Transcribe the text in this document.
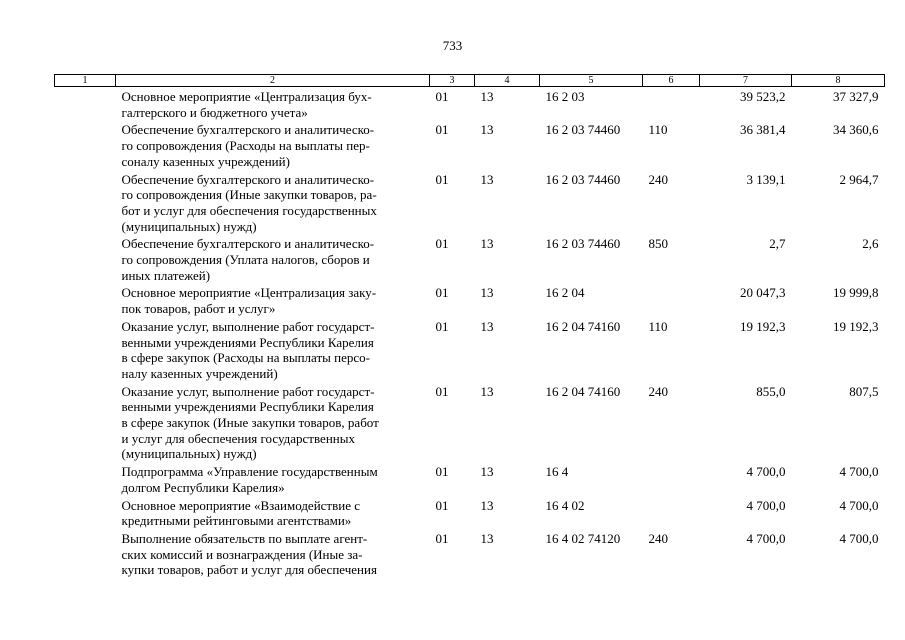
733
1	2	3	4	5	6	7	8

	Основное мероприятие «Централизация бух-
галтерского и бюджетного учета»	01	13	16 2 03		39 523,2	37 327,9

	Обеспечение бухгалтерского и аналитическо-
го сопровождения (Расходы на выплаты пер-
соналу казенных учреждений)	01	13	16 2 03 74460	110	36 381,4	34 360,6

	Обеспечение бухгалтерского и аналитическо-
го сопровождения (Иные закупки товаров, ра-
бот и услуг для обеспечения государственных
(муниципальных) нужд)	01	13	16 2 03 74460	240	3 139,1	2 964,7

	Обеспечение бухгалтерского и аналитическо-
го сопровождения (Уплата налогов, сборов и
иных платежей)	01	13	16 2 03 74460	850	2,7	2,6

	Основное мероприятие «Централизация заку-
пок товаров, работ и услуг»	01	13	16 2 04		20 047,3	19 999,8

	Оказание услуг, выполнение работ государст-
венными учреждениями Республики Карелия
в сфере закупок (Расходы на выплаты персо-
налу казенных учреждений)	01	13	16 2 04 74160	110	19 192,3	19 192,3

	Оказание услуг, выполнение работ государст-
венными учреждениями Республики Карелия
в сфере закупок (Иные закупки товаров, работ
и услуг для обеспечения государственных
(муниципальных) нужд)	01	13	16 2 04 74160	240	855,0	807,5

	Подпрограмма «Управление государственным
долгом Республики Карелия»	01	13	16 4		4 700,0	4 700,0

	Основное мероприятие «Взаимодействие с
кредитными рейтинговыми агентствами»	01	13	16 4 02		4 700,0	4 700,0

	Выполнение обязательств по выплате агент-
ских комиссий и вознаграждения (Иные за-
купки товаров, работ и услуг для обеспечения	01	13	16 4 02 74120	240	4 700,0	4 700,0
